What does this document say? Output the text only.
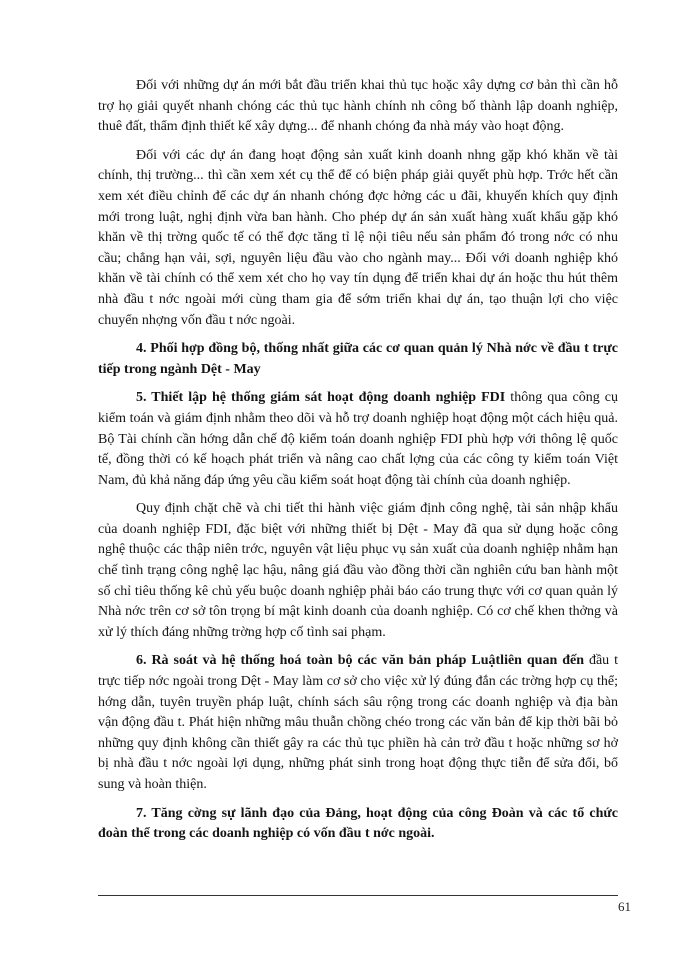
Đối với những dự án mới bắt đầu triển khai thủ tục hoặc xây dựng cơ bản thì cần hỗ trợ họ giải quyết nhanh chóng các thủ tục hành chính nh công bố thành lập doanh nghiệp, thuê đất, thẩm định thiết kế xây dựng... để nhanh chóng đa nhà máy vào hoạt động.

Đối với các dự án đang hoạt động sản xuất kinh doanh nhng gặp khó khăn về tài chính, thị trường... thì cần xem xét cụ thể để có biện pháp giải quyết phù hợp. Trớc hết cần xem xét điều chỉnh để các dự án nhanh chóng đợc hởng các u đãi, khuyến khích quy định mới trong luật, nghị định vừa ban hành. Cho phép dự án sản xuất hàng xuất khẩu gặp khó khăn về thị trờng quốc tế có thể đợc tăng tỉ lệ nội tiêu nếu sản phẩm đó trong nớc có nhu cầu; chẳng hạn vải, sợi, nguyên liệu đầu vào cho ngành may... Đối với doanh nghiệp khó khăn về tài chính có thể xem xét cho họ vay tín dụng để triển khai dự án hoặc thu hút thêm nhà đầu t nớc ngoài mới cùng tham gia để sớm triển khai dự án, tạo thuận lợi cho việc chuyển nhợng vốn đầu t nớc ngoài.

4. Phối hợp đồng bộ, thống nhất giữa các cơ quan quản lý Nhà nớc về đầu t trực tiếp trong ngành Dệt - May

5. Thiết lập hệ thống giám sát hoạt động doanh nghiệp FDI thông qua công cụ kiểm toán và giám định nhằm theo dõi và hỗ trợ doanh nghiệp hoạt động một cách hiệu quả. Bộ Tài chính cần hớng dẫn chế độ kiểm toán doanh nghiệp FDI phù hợp với thông lệ quốc tế, đồng thời có kế hoạch phát triển và nâng cao chất lợng của các công ty kiểm toán Việt Nam, đủ khả năng đáp ứng yêu cầu kiểm soát hoạt động tài chính của doanh nghiệp.

Quy định chặt chẽ và chi tiết thi hành việc giám định công nghệ, tài sản nhập khẩu của doanh nghiệp FDI, đặc biệt với những thiết bị Dệt - May đã qua sử dụng hoặc công nghệ thuộc các thập niên trớc, nguyên vật liệu phục vụ sản xuất của doanh nghiệp nhằm hạn chế tình trạng công nghệ lạc hậu, nâng giá đầu vào đồng thời cần nghiên cứu ban hành một số chỉ tiêu thống kê chủ yếu buộc doanh nghiệp phải báo cáo trung thực với cơ quan quản lý Nhà nớc trên cơ sở tôn trọng bí mật kinh doanh của doanh nghiệp. Có cơ chế khen thởng và xử lý thích đáng những trờng hợp cố tình sai phạm.

6. Rà soát và hệ thống hoá toàn bộ các văn bản pháp Luậtliên quan đến đầu t trực tiếp nớc ngoài trong Dệt - May làm cơ sở cho việc xử lý đúng đắn các trờng hợp cụ thể; hớng dẫn, tuyên truyền pháp luật, chính sách sâu rộng trong các doanh nghiệp và địa bàn vận động đầu t. Phát hiện những mâu thuẫn chồng chéo trong các văn bản để kịp thời bãi bỏ những quy định không cần thiết gây ra các thủ tục phiền hà cản trở đầu t hoặc những sơ hở bị nhà đầu t nớc ngoài lợi dụng, những phát sinh trong hoạt động thực tiễn để sửa đổi, bổ sung và hoàn thiện.

7. Tăng cờng sự lãnh đạo của Đảng, hoạt động của công Đoàn và các tổ chức đoàn thể trong các doanh nghiệp có vốn đầu t nớc ngoài.

61
